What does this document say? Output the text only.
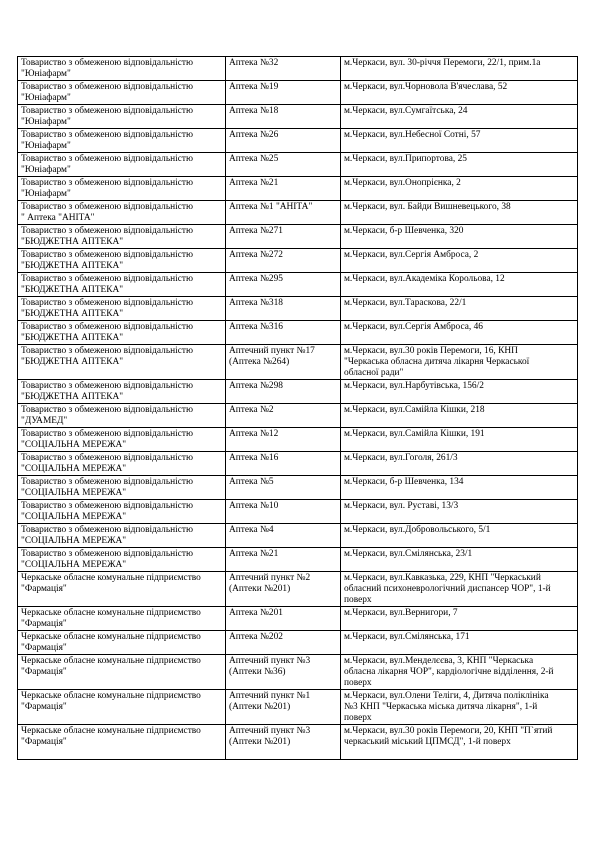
Товариство з обмеженою відповідальністю
"Юніафарм"	Аптека №32	м.Черкаси, вул. 30-річчя Перемоги, 22/1, прим.1а

Товариство з обмеженою відповідальністю
"Юніафарм"	Аптека №19	м.Черкаси, вул.Чорновола В'ячеслава, 52

Товариство з обмеженою відповідальністю
"Юніафарм"	Аптека №18	м.Черкаси, вул.Сумгаїтська, 24

Товариство з обмеженою відповідальністю
"Юніафарм"	Аптека №26	м.Черкаси, вул.Небесної Сотні, 57

Товариство з обмеженою відповідальністю
"Юніафарм"	Аптека №25	м.Черкаси, вул.Припортова, 25

Товариство з обмеженою відповідальністю
"Юніафарм"	Аптека №21	м.Черкаси, вул.Онопрієнка, 2

Товариство з обмеженою відповідальністю
" Аптека "АНІТА"	Аптека №1 "АНІТА"	м.Черкаси, вул. Байди Вишневецького, 38

Товариство з обмеженою відповідальністю
"БЮДЖЕТНА АПТЕКА"	Аптека №271	м.Черкаси, б-р Шевченка, 320

Товариство з обмеженою відповідальністю
"БЮДЖЕТНА АПТЕКА"	Аптека №272	м.Черкаси, вул.Сергія Амброса, 2

Товариство з обмеженою відповідальністю
"БЮДЖЕТНА АПТЕКА"	Аптека №295	м.Черкаси, вул.Академіка Корольова, 12

Товариство з обмеженою відповідальністю
"БЮДЖЕТНА АПТЕКА"	Аптека №318	м.Черкаси, вул.Тараскова, 22/1

Товариство з обмеженою відповідальністю
"БЮДЖЕТНА АПТЕКА"	Аптека №316	м.Черкаси, вул.Сергія Амброса, 46

Товариство з обмеженою відповідальністю
"БЮДЖЕТНА АПТЕКА"	Аптечний пункт №17
(Аптека №264)	м.Черкаси, вул.30 років Перемоги, 16, КНП
"Черкаська обласна дитяча лікарня Черкаської
обласної ради"

Товариство з обмеженою відповідальністю
"БЮДЖЕТНА АПТЕКА"	Аптека №298	м.Черкаси, вул.Нарбутівська, 156/2

Товариство з обмеженою відповідальністю
"ДУАМЕД"	Аптека №2	м.Черкаси, вул.Самійла Кішки, 218

Товариство з обмеженою відповідальністю
"СОЦІАЛЬНА МЕРЕЖА"	Аптека №12	м.Черкаси, вул.Самійла Кішки, 191

Товариство з обмеженою відповідальністю
"СОЦІАЛЬНА МЕРЕЖА"	Аптека №16	м.Черкаси, вул.Гоголя, 261/3

Товариство з обмеженою відповідальністю
"СОЦІАЛЬНА МЕРЕЖА"	Аптека №5	м.Черкаси, б-р Шевченка, 134

Товариство з обмеженою відповідальністю
"СОЦІАЛЬНА МЕРЕЖА"	Аптека №10	м.Черкаси, вул. Руставі, 13/3

Товариство з обмеженою відповідальністю
"СОЦІАЛЬНА МЕРЕЖА"	Аптека №4	м.Черкаси, вул.Добровольського, 5/1

Товариство з обмеженою відповідальністю
"СОЦІАЛЬНА МЕРЕЖА"	Аптека №21	м.Черкаси, вул.Смілянська, 23/1

Черкаське обласне комунальне підприємство
"Фармація"	Аптечний пункт №2
(Аптеки №201)	м.Черкаси, вул.Кавказька, 229, КНП "Черкаський
обласний психоневрологічний диспансер ЧОР", 1-й
поверх

Черкаське обласне комунальне підприємство
"Фармація"	Аптека №201	м.Черкаси, вул.Вернигори, 7

Черкаське обласне комунальне підприємство
"Фармація"	Аптека №202	м.Черкаси, вул.Смілянська, 171

Черкаське обласне комунальне підприємство
"Фармація"	Аптечний пункт №3
(Аптеки №36)	м.Черкаси, вул.Менделєєва, 3, КНП "Черкаська
обласна лікарня ЧОР", кардіологічне відділення, 2-й
поверх

Черкаське обласне комунальне підприємство
"Фармація"	Аптечний пункт №1
(Аптеки №201)	м.Черкаси, вул.Олени Теліги, 4, Дитяча поліклініка
№3 КНП "Черкаська міська дитяча лікарня", 1-й
поверх

Черкаське обласне комунальне підприємство
"Фармація"	Аптечний пункт №3
(Аптеки №201)	м.Черкаси, вул.30 років Перемоги, 20, КНП "П`ятий
черкаський міський ЦПМСД", 1-й поверх
